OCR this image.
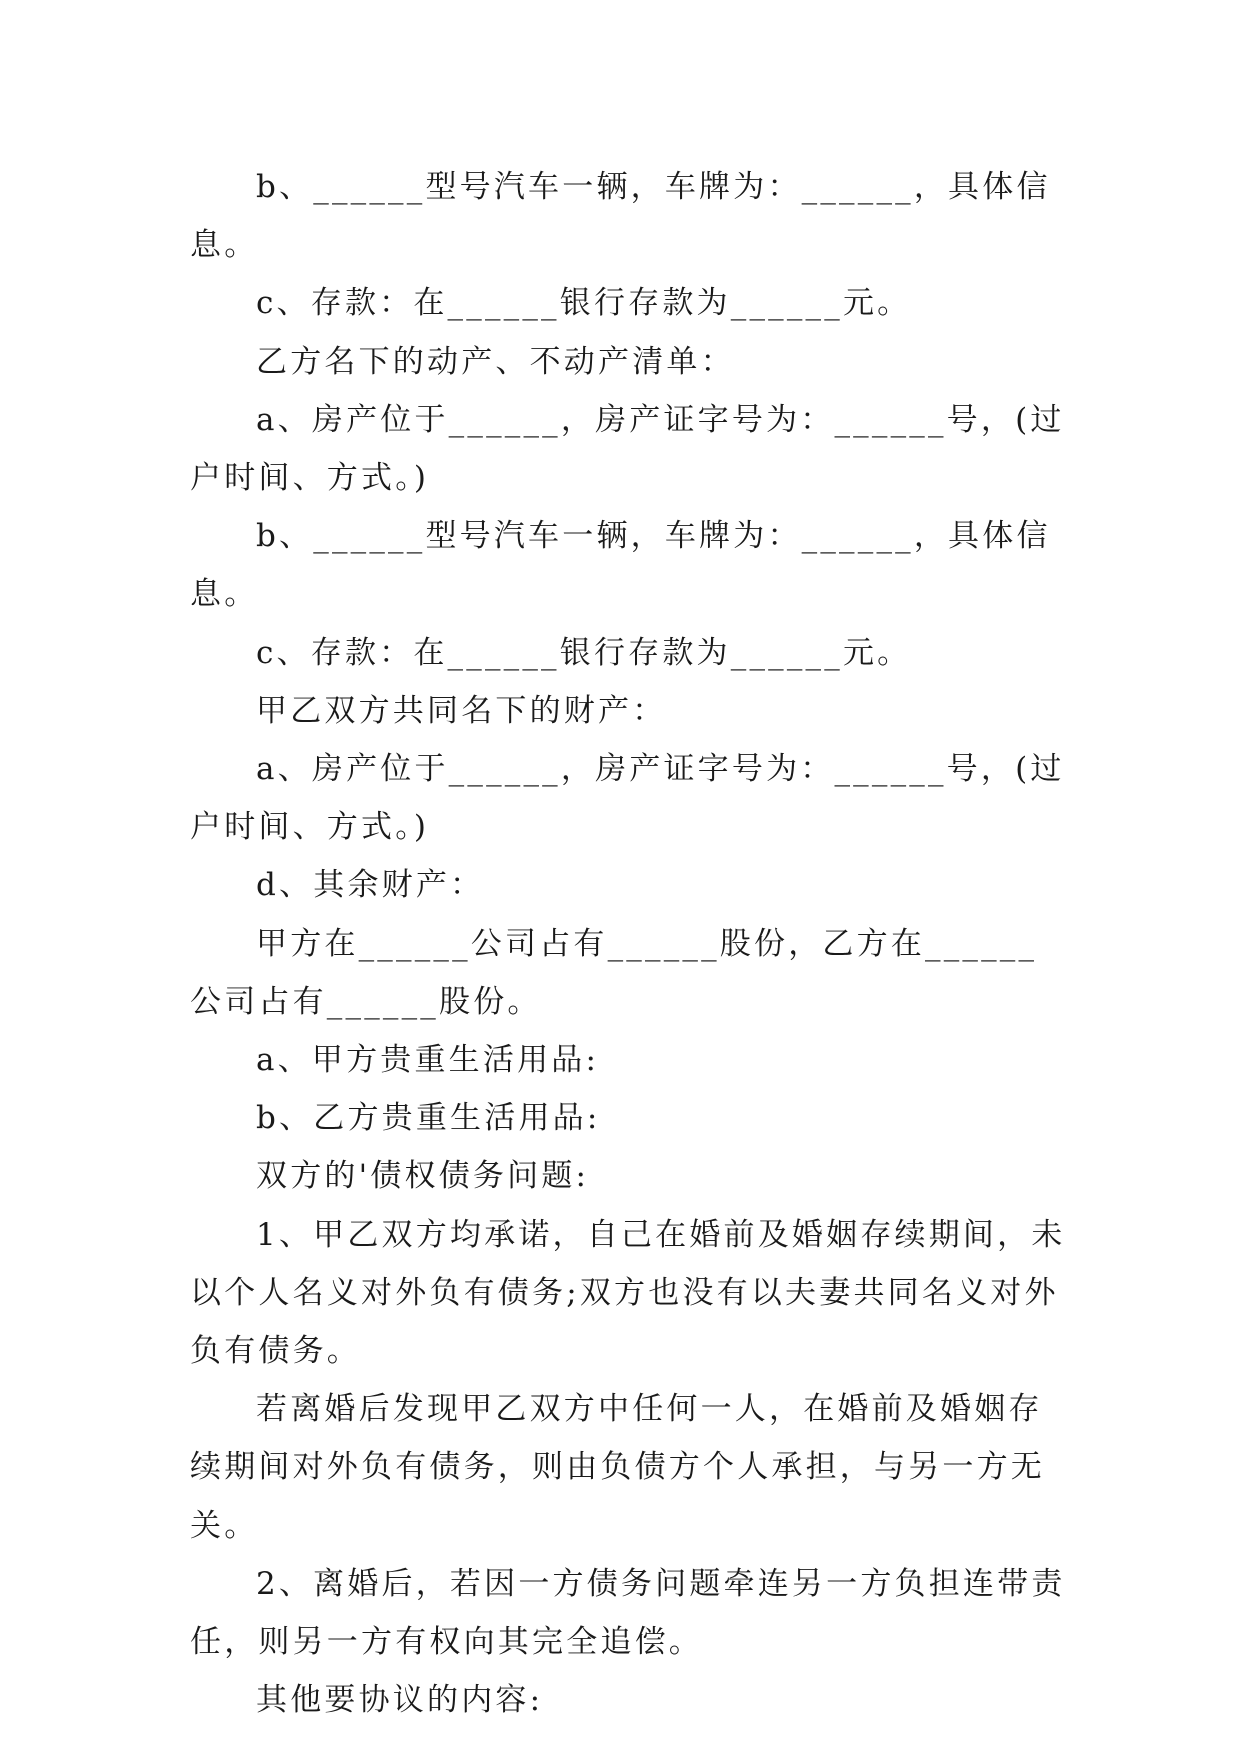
b、______型号汽车一辆，车牌为：______，具体信息。

c、存款：在______银行存款为______元。

乙方名下的动产、不动产清单：

a、房产位于______，房产证字号为：______号，(过户时间、方式。)

b、______型号汽车一辆，车牌为：______，具体信息。

c、存款：在______银行存款为______元。

甲乙双方共同名下的财产：

a、房产位于______，房产证字号为：______号，(过户时间、方式。)

d、其余财产：

甲方在______公司占有______股份，乙方在______公司占有______股份。

a、甲方贵重生活用品:

b、乙方贵重生活用品:

双方的'债权债务问题:

1、甲乙双方均承诺，自己在婚前及婚姻存续期间，未以个人名义对外负有债务;双方也没有以夫妻共同名义对外负有债务。

若离婚后发现甲乙双方中任何一人，在婚前及婚姻存续期间对外负有债务，则由负债方个人承担，与另一方无关。

2、离婚后，若因一方债务问题牵连另一方负担连带责任，则另一方有权向其完全追偿。

其他要协议的内容:
